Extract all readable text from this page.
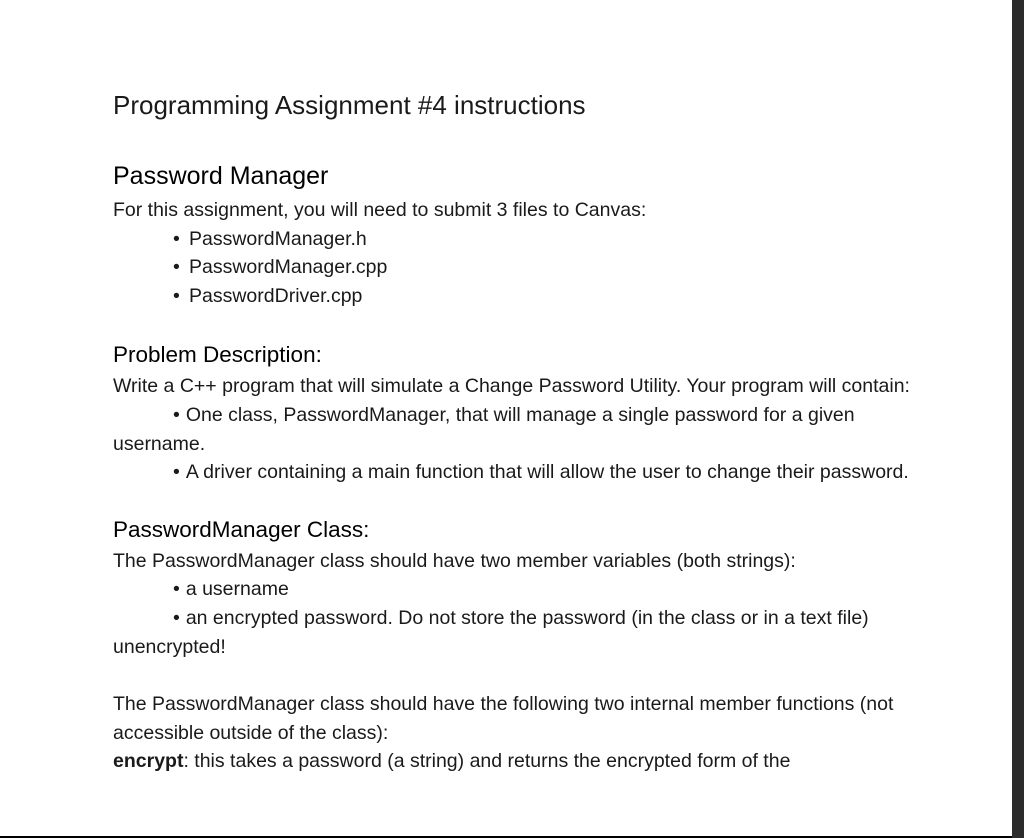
Programming Assignment #4 instructions
Password Manager

For this assignment, you will need to submit 3 files to Canvas:

• PasswordManager.h
• PasswordManager.cpp
• PasswordDriver.cpp
Problem Description:

Write a C++ program that will simulate a Change Password Utility. Your program will contain:

• One class, PasswordManager, that will manage a single password for a given username.

• A driver containing a main function that will allow the user to change their password.

PasswordManager Class:

The PasswordManager class should have two member variables (both strings):

• a username

• an encrypted password. Do not store the password (in the class or in a text file) unencrypted!

The PasswordManager class should have the following two internal member functions (not accessible outside of the class):

encrypt: this takes a password (a string) and returns the encrypted form of the
